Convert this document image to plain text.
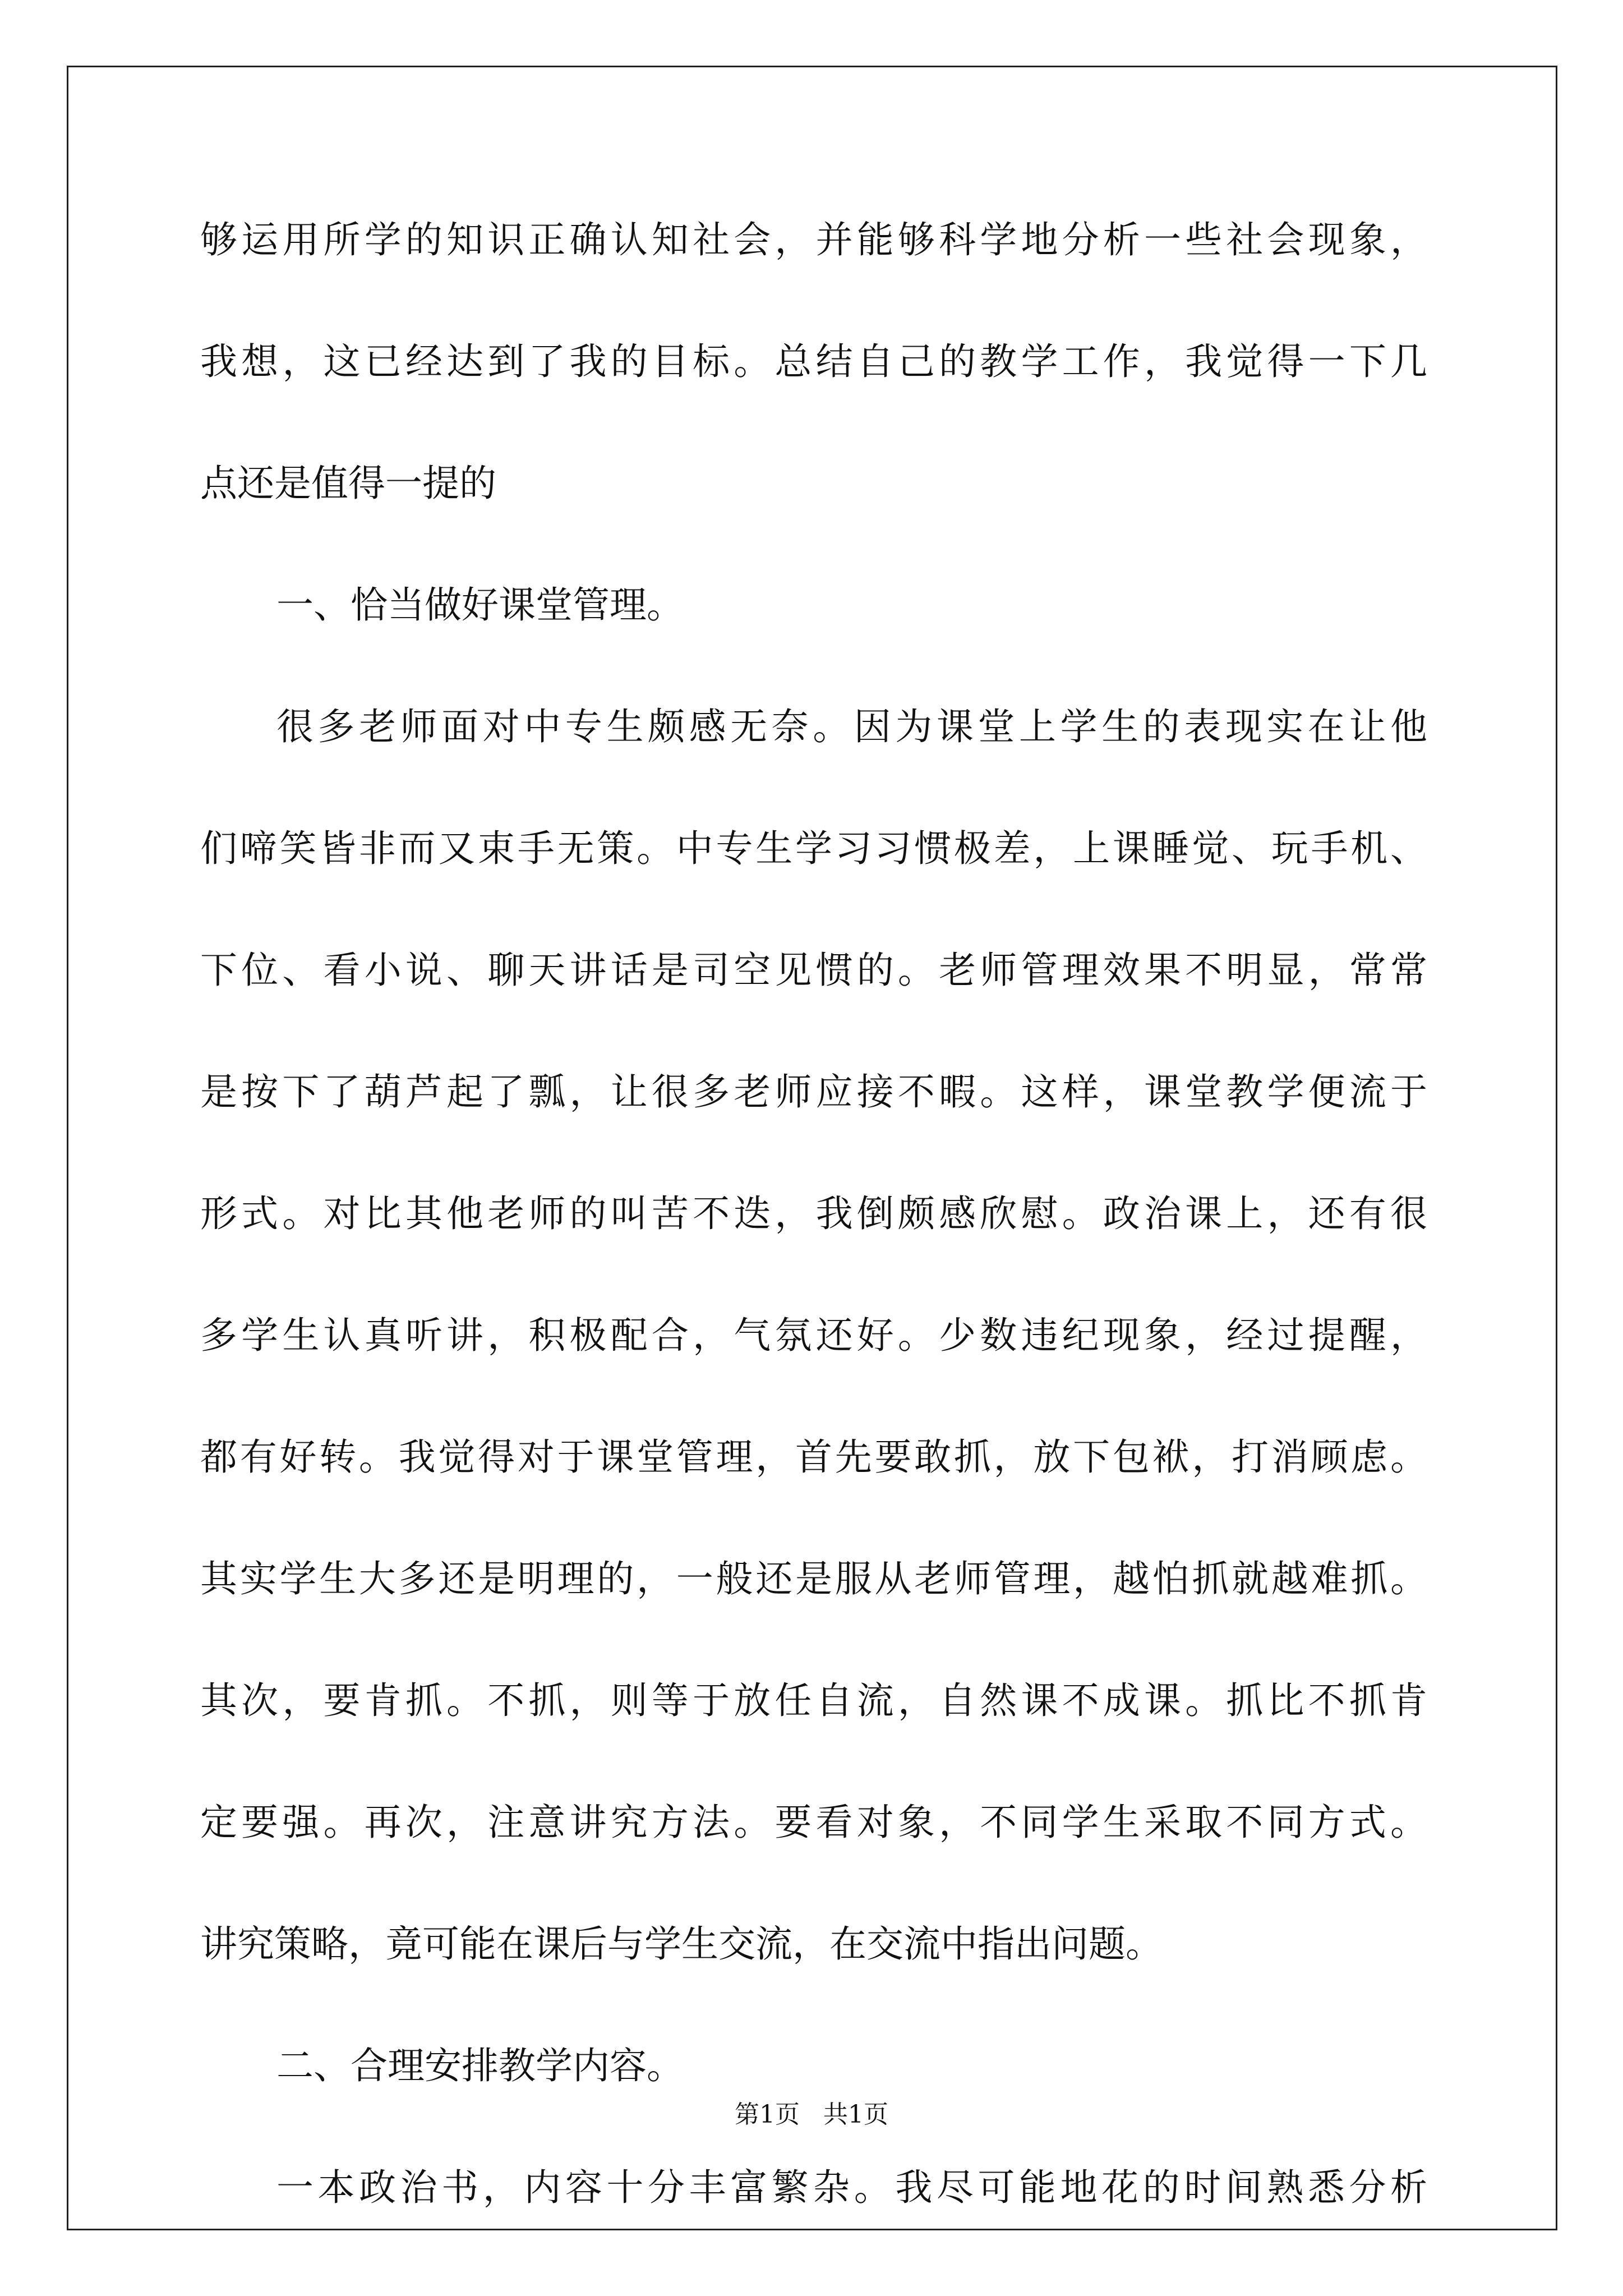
够运用所学的知识正确认知社会，并能够科学地分析一些社会现象，
我想，这已经达到了我的目标。总结自己的教学工作，我觉得一下几
点还是值得一提的
一、恰当做好课堂管理。
很多老师面对中专生颇感无奈。因为课堂上学生的表现实在让他
们啼笑皆非而又束手无策。中专生学习习惯极差，上课睡觉、玩手机、
下位、看小说、聊天讲话是司空见惯的。老师管理效果不明显，常常
是按下了葫芦起了瓢，让很多老师应接不暇。这样，课堂教学便流于
形式。对比其他老师的叫苦不迭，我倒颇感欣慰。政治课上，还有很
多学生认真听讲，积极配合，气氛还好。少数违纪现象，经过提醒，
都有好转。我觉得对于课堂管理，首先要敢抓，放下包袱，打消顾虑。
其实学生大多还是明理的，一般还是服从老师管理，越怕抓就越难抓。
其次，要肯抓。不抓，则等于放任自流，自然课不成课。抓比不抓肯
定要强。再次，注意讲究方法。要看对象，不同学生采取不同方式。
讲究策略，竟可能在课后与学生交流，在交流中指出问题。
二、合理安排教学内容。
一本政治书，内容十分丰富繁杂。我尽可能地花的时间熟悉分析
第1页 共1页
